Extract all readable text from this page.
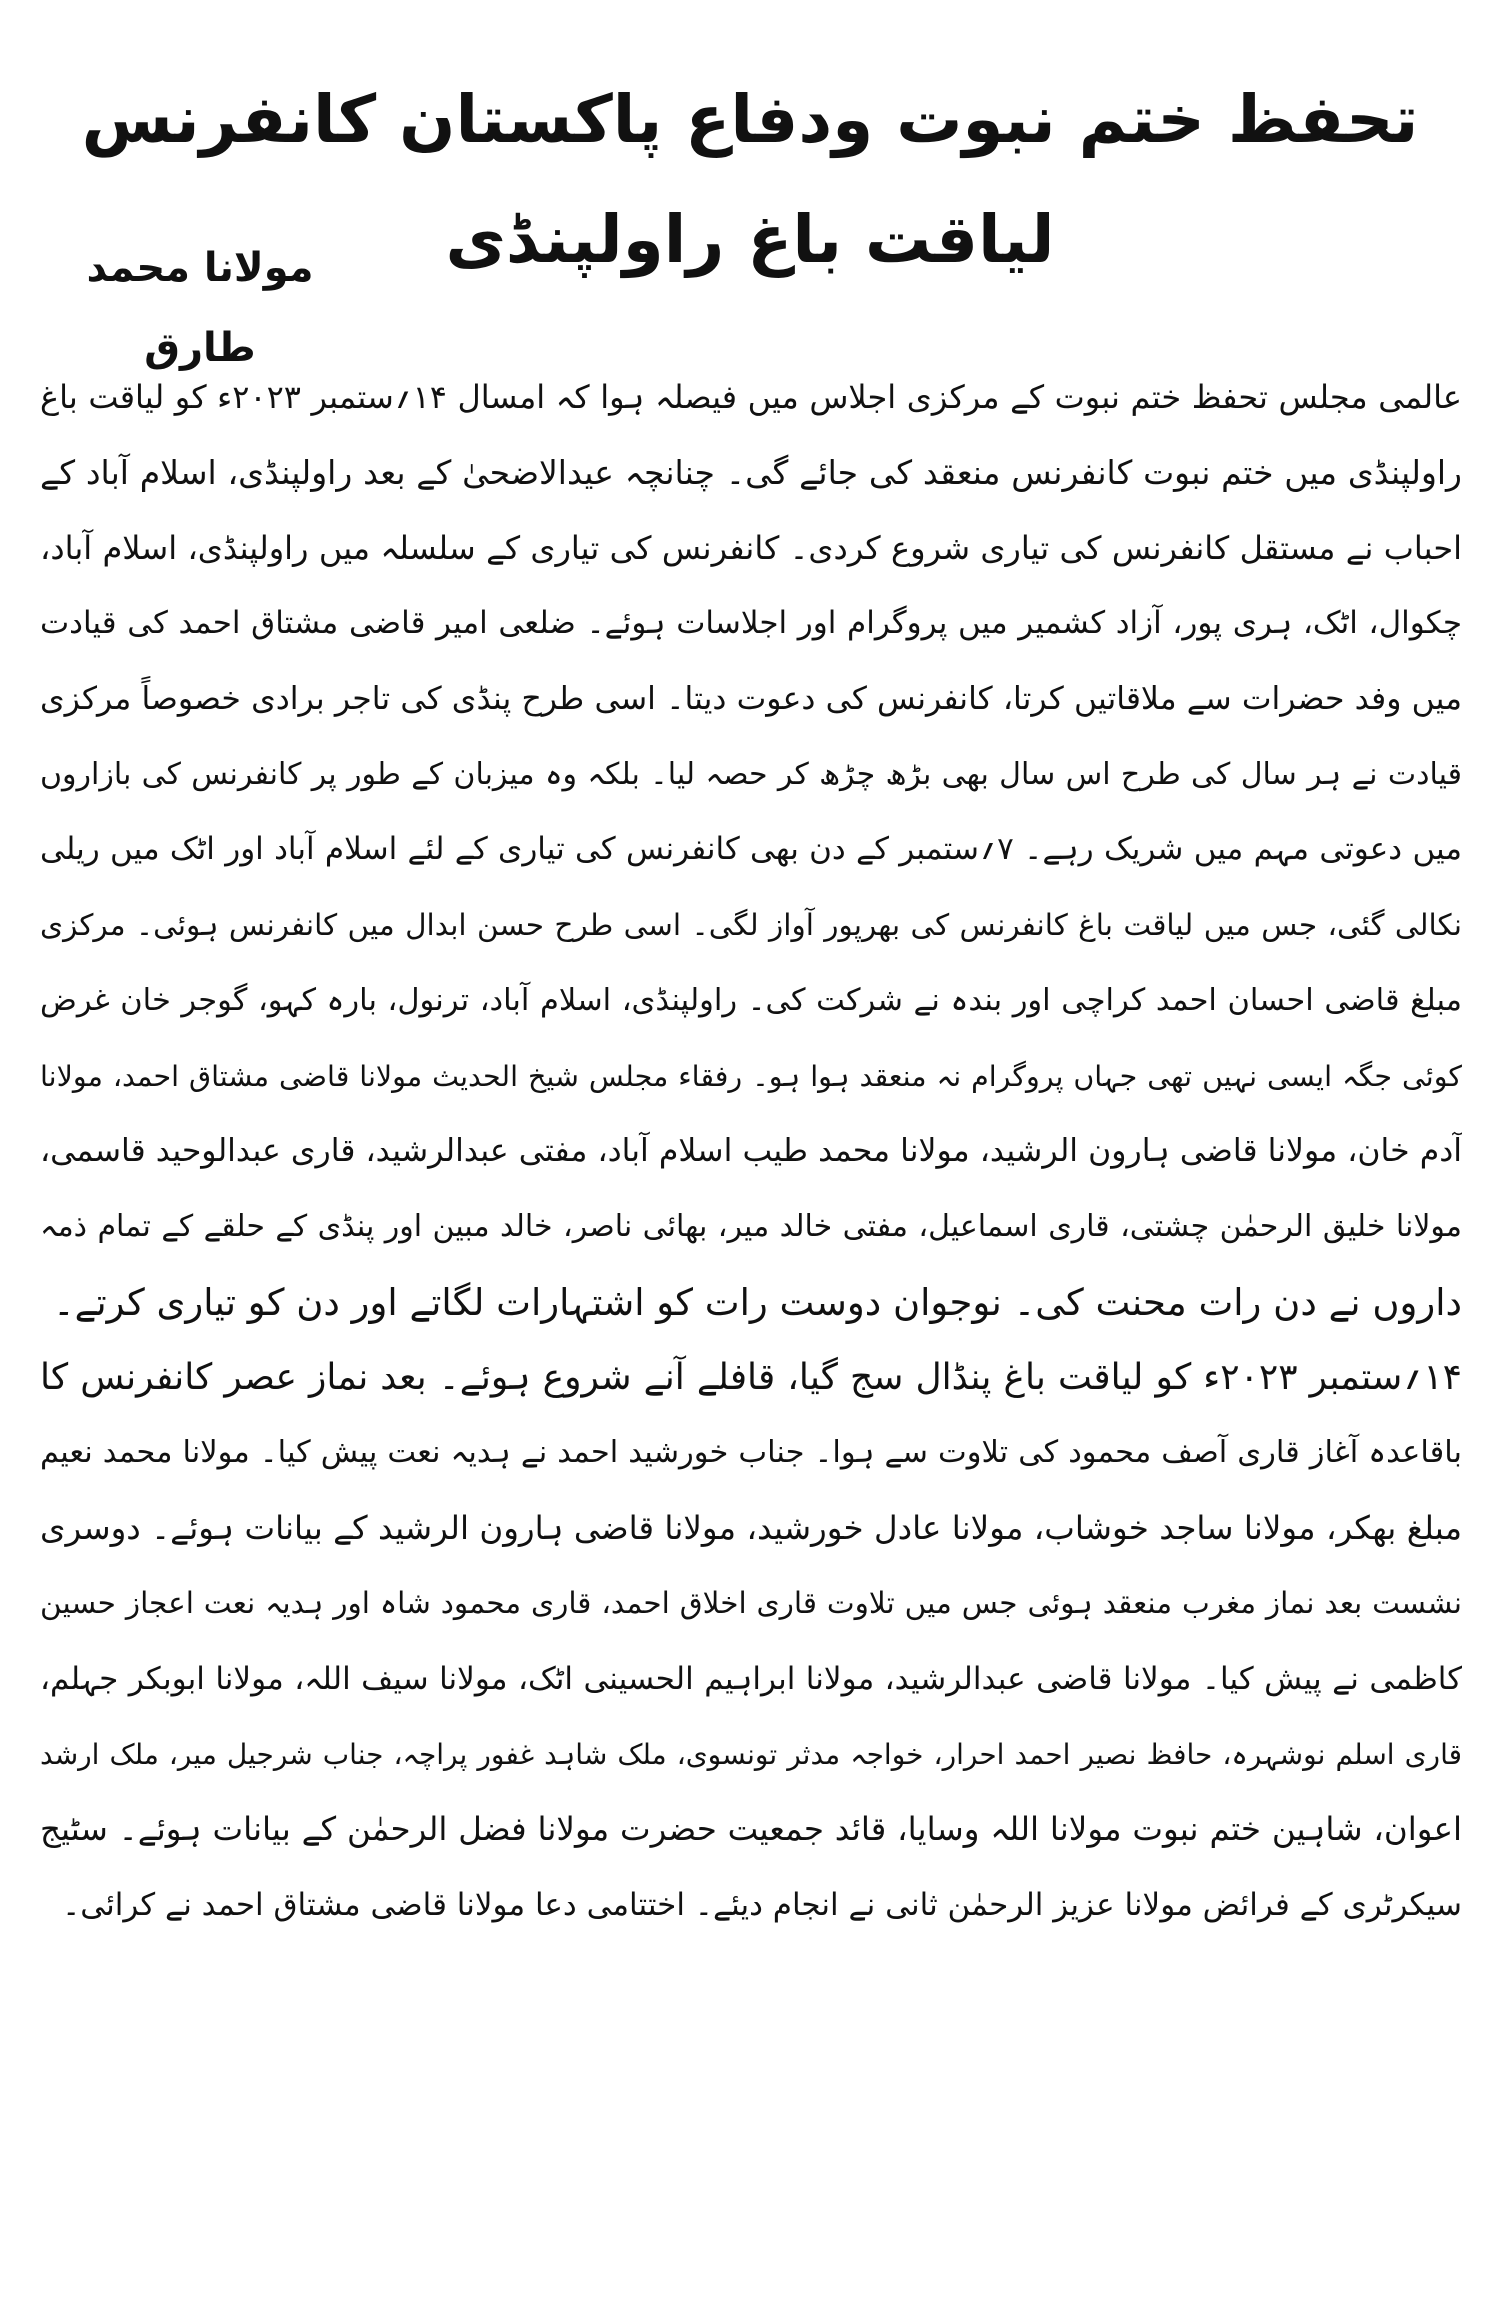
تحفظ ختم نبوت ودفاع پاکستان کانفرنس لیاقت باغ راولپنڈی
مولانا محمد طارق
عالمی مجلس تحفظ ختم نبوت کے مرکزی اجلاس میں فیصلہ ہوا کہ امسال ۱۴؍ستمبر ۲۰۲۳ء کو لیاقت باغ
راولپنڈی میں ختم نبوت کانفرنس منعقد کی جائے گی۔ چنانچہ عیدالاضحیٰ کے بعد راولپنڈی، اسلام آباد کے
احباب نے مستقل کانفرنس کی تیاری شروع کردی۔ کانفرنس کی تیاری کے سلسلہ میں راولپنڈی، اسلام آباد،
چکوال، اٹک، ہری پور، آزاد کشمیر میں پروگرام اور اجلاسات ہوئے۔ ضلعی امیر قاضی مشتاق احمد کی قیادت
میں وفد حضرات سے ملاقاتیں کرتا، کانفرنس کی دعوت دیتا۔ اسی طرح پنڈی کی تاجر برادی خصوصاً مرکزی
قیادت نے ہر سال کی طرح اس سال بھی بڑھ چڑھ کر حصہ لیا۔ بلکہ وہ میزبان کے طور پر کانفرنس کی بازاروں
میں دعوتی مہم میں شریک رہے۔ ۷؍ستمبر کے دن بھی کانفرنس کی تیاری کے لئے اسلام آباد اور اٹک میں ریلی
نکالی گئی، جس میں لیاقت باغ کانفرنس کی بھرپور آواز لگی۔ اسی طرح حسن ابدال میں کانفرنس ہوئی۔ مرکزی
مبلغ قاضی احسان احمد کراچی اور بندہ نے شرکت کی۔ راولپنڈی، اسلام آباد، ترنول، بارہ کہو، گوجر خان غرض
کوئی جگہ ایسی نہیں تھی جہاں پروگرام نہ منعقد ہوا ہو۔ رفقاء مجلس شیخ الحدیث مولانا قاضی مشتاق احمد، مولانا
آدم خان، مولانا قاضی ہارون الرشید، مولانا محمد طیب اسلام آباد، مفتی عبدالرشید، قاری عبدالوحید قاسمی،
مولانا خلیق الرحمٰن چشتی، قاری اسماعیل، مفتی خالد میر، بھائی ناصر، خالد مبین اور پنڈی کے حلقے کے تمام ذمہ
داروں نے دن رات محنت کی۔ نوجوان دوست رات کو اشتہارات لگاتے اور دن کو تیاری کرتے۔
۱۴؍ستمبر ۲۰۲۳ء کو لیاقت باغ پنڈال سج گیا، قافلے آنے شروع ہوئے۔ بعد نماز عصر کانفرنس کا
باقاعدہ آغاز قاری آصف محمود کی تلاوت سے ہوا۔ جناب خورشید احمد نے ہدیہ نعت پیش کیا۔ مولانا محمد نعیم
مبلغ بھکر، مولانا ساجد خوشاب، مولانا عادل خورشید، مولانا قاضی ہارون الرشید کے بیانات ہوئے۔ دوسری
نشست بعد نماز مغرب منعقد ہوئی جس میں تلاوت قاری اخلاق احمد، قاری محمود شاہ اور ہدیہ نعت اعجاز حسین
کاظمی نے پیش کیا۔ مولانا قاضی عبدالرشید، مولانا ابراہیم الحسینی اٹک، مولانا سیف اللہ، مولانا ابوبکر جہلم،
قاری اسلم نوشہرہ، حافظ نصیر احمد احرار، خواجہ مدثر تونسوی، ملک شاہد غفور پراچہ، جناب شرجیل میر، ملک ارشد
اعوان، شاہین ختم نبوت مولانا اللہ وسایا، قائد جمعیت حضرت مولانا فضل الرحمٰن کے بیانات ہوئے۔ سٹیج
سیکرٹری کے فرائض مولانا عزیز الرحمٰن ثانی نے انجام دیئے۔ اختتامی دعا مولانا قاضی مشتاق احمد نے کرائی۔
